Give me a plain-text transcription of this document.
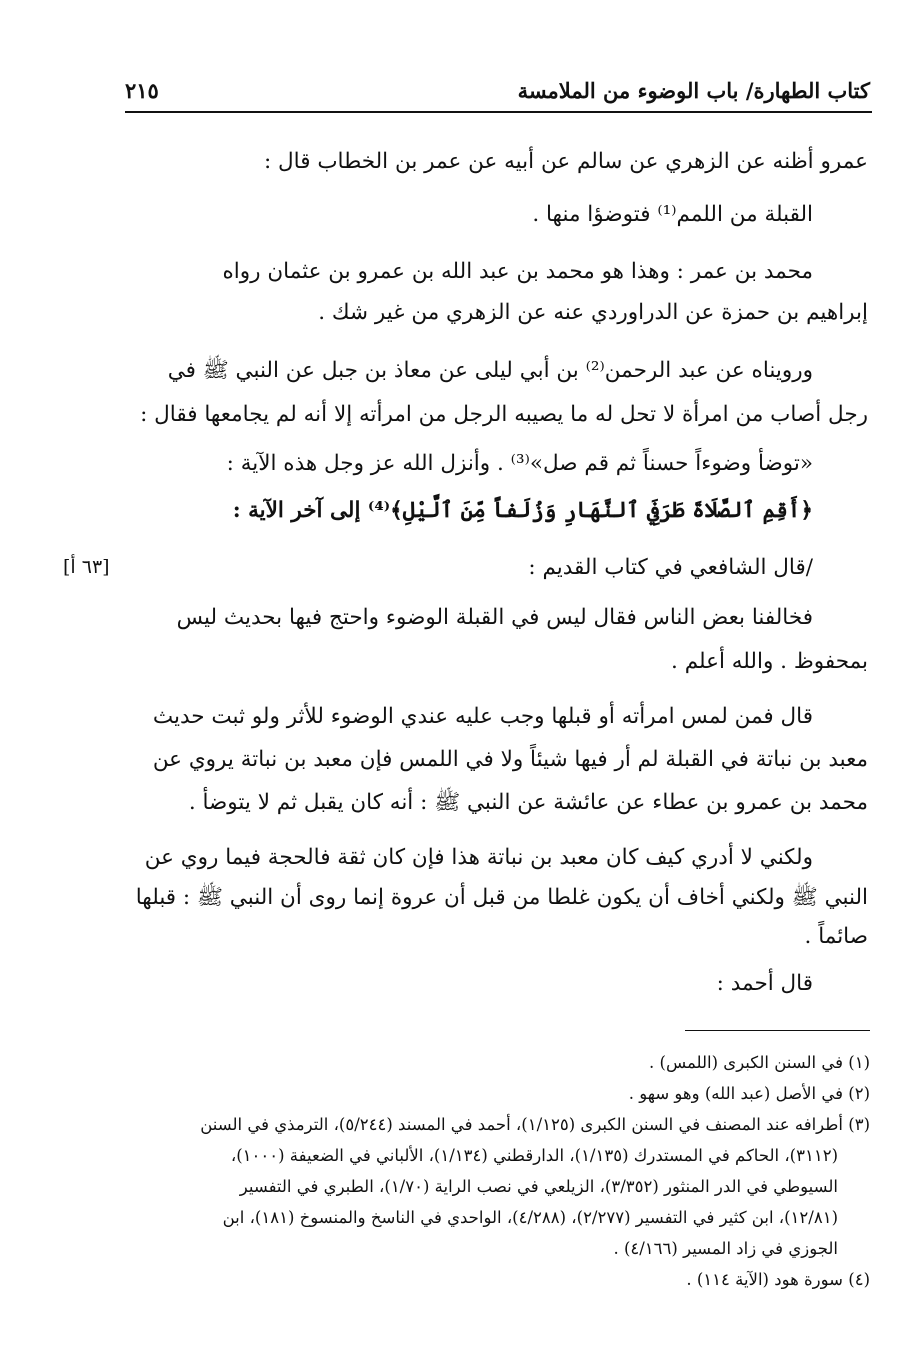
كتاب الطهارة/ باب الوضوء من الملامسة
٢١٥
عمرو أظنه عن الزهري عن سالم عن أبيه عن عمر بن الخطاب قال :
القبلة من اللمم⁽¹⁾ فتوضؤا منها .
محمد بن عمر : وهذا هو محمد بن عبد الله بن عمرو بن عثمان رواه
إبراهيم بن حمزة عن الدراوردي عنه عن الزهري من غير شك .
ورويناه عن عبد الرحمن⁽²⁾ بن أبي ليلى عن معاذ بن جبل عن النبي ﷺ في
رجل أصاب من امرأة لا تحل له ما يصيبه الرجل من امرأته إلا أنه لم يجامعها فقال :
«توضأ وضوءاً حسناً ثم قم صل»⁽³⁾ . وأنزل الله عز وجل هذه الآية :
﴿أَقِمِ ٱلصَّلَاةَ طَرَفَيِ ٱلنَّهَارِ وَزُلَفاً مِّنَ ٱلَّيْلِ﴾⁽⁴⁾ إلى آخر الآية :
/قال الشافعي في كتاب القديم :
[٦٣ أ]
فخالفنا بعض الناس فقال ليس في القبلة الوضوء واحتج فيها بحديث ليس
بمحفوظ . والله أعلم .
قال فمن لمس امرأته أو قبلها وجب عليه عندي الوضوء للأثر ولو ثبت حديث
معبد بن نباتة في القبلة لم أر فيها شيئاً ولا في اللمس فإن معبد بن نباتة يروي عن
محمد بن عمرو بن عطاء عن عائشة عن النبي ﷺ : أنه كان يقبل ثم لا يتوضأ .
ولكني لا أدري كيف كان معبد بن نباتة هذا فإن كان ثقة فالحجة فيما روي عن
النبي ﷺ ولكني أخاف أن يكون غلطا من قبل أن عروة إنما روى أن النبي ﷺ : قبلها
صائماً .
قال أحمد :
(١) في السنن الكبرى (اللمس) .
(٢) في الأصل (عبد الله) وهو سهو .
(٣) أطرافه عند المصنف في السنن الكبرى (١/١٢٥)، أحمد في المسند (٥/٢٤٤)، الترمذي في السنن
(٣١١٢)، الحاكم في المستدرك (١/١٣٥)، الدارقطني (١/١٣٤)، الألباني في الضعيفة (١٠٠٠)،
السيوطي في الدر المنثور (٣/٣٥٢)، الزيلعي في نصب الراية (١/٧٠)، الطبري في التفسير
(١٢/٨١)، ابن كثير في التفسير (٢/٢٧٧)، (٤/٢٨٨)، الواحدي في الناسخ والمنسوخ (١٨١)، ابن
الجوزي في زاد المسير (٤/١٦٦) .
(٤) سورة هود (الآية ١١٤) .
